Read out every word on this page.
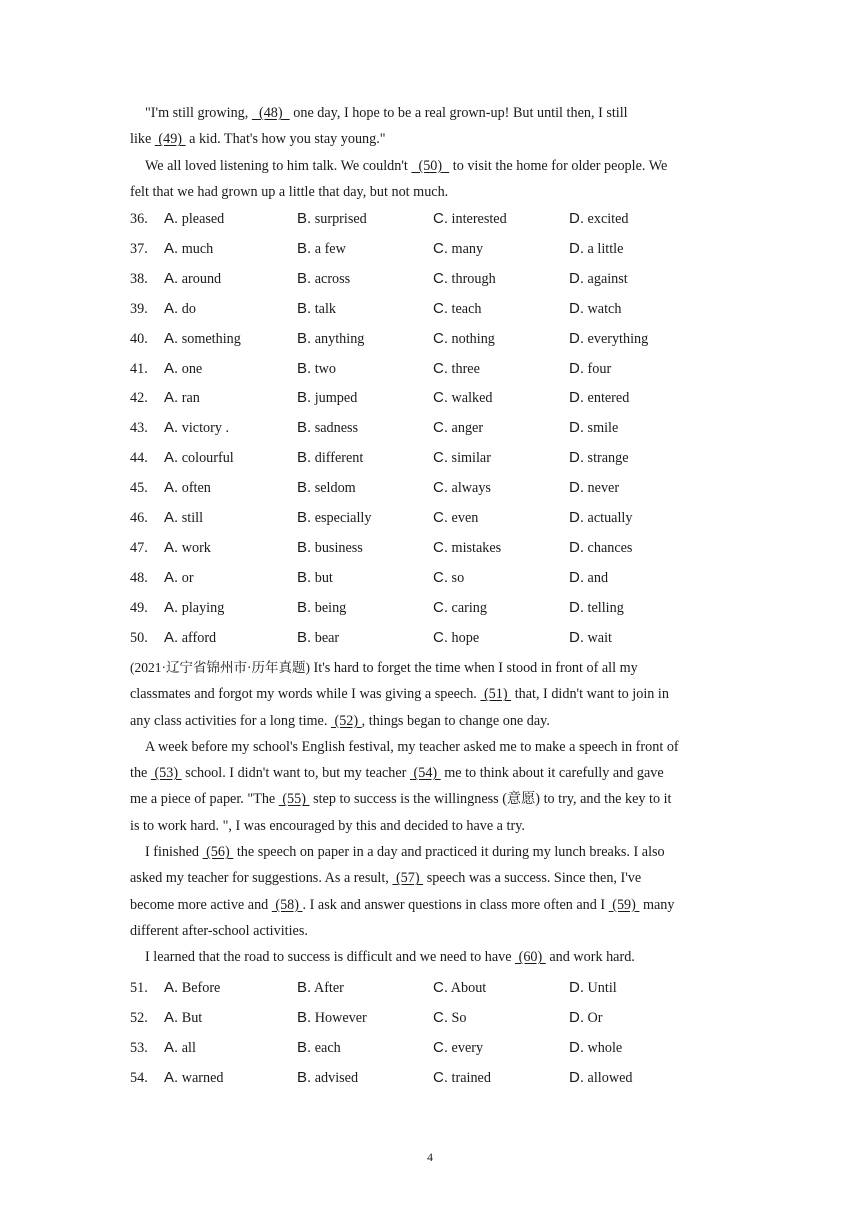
"I'm still growing,   (48)   one day, I hope to be a real grown-up! But until then, I still
like  (49)  a kid. That's how you stay young."
We all loved listening to him talk. We couldn't   (50)   to visit the home for older people. We
felt that we had grown up a little that day, but not much.

36. A. pleased	B. surprised	C. interested	D. excited
37. A. much	B. a few	C. many	D. a little
38. A. around	B. across	C. through	D. against
39. A. do	B. talk	C. teach	D. watch
40. A. something	B. anything	C. nothing	D. everything
41. A. one	B. two	C. three	D. four
42. A. ran	B. jumped	C. walked	D. entered
43. A. victory .	B. sadness	C. anger	D. smile
44. A. colourful	B. different	C. similar	D. strange
45. A. often	B. seldom	C. always	D. never
46. A. still	B. especially	C. even	D. actually
47. A. work	B. business	C. mistakes	D. chances
48. A. or	B. but	C. so	D. and
49. A. playing	B. being	C. caring	D. telling
50. A. afford	B. bear	C. hope	D. wait

(2021·辽宁省锦州市·历年真题) It's hard to forget the time when I stood in front of all my
classmates and forgot my words while I was giving a speech.  (51)  that, I didn't want to join in
any class activities for a long time.  (52) , things began to change one day.
A week before my school's English festival, my teacher asked me to make a speech in front of
the  (53)  school. I didn't want to, but my teacher  (54)  me to think about it carefully and gave
me a piece of paper. "The  (55)  step to success is the willingness (意愿) to try, and the key to it
is to work hard. ", I was encouraged by this and decided to have a try.
I finished  (56)  the speech on paper in a day and practiced it during my lunch breaks. I also
asked my teacher for suggestions. As a result,  (57)  speech was a success. Since then, I've
become more active and  (58) . I ask and answer questions in class more often and I  (59)  many
different after-school activities.
I learned that the road to success is difficult and we need to have  (60)  and work hard.

51. A. Before	B. After	C. About	D. Until
52. A. But	B. However	C. So	D. Or
53. A. all	B. each	C. every	D. whole
54. A. warned	B. advised	C. trained	D. allowed
4
